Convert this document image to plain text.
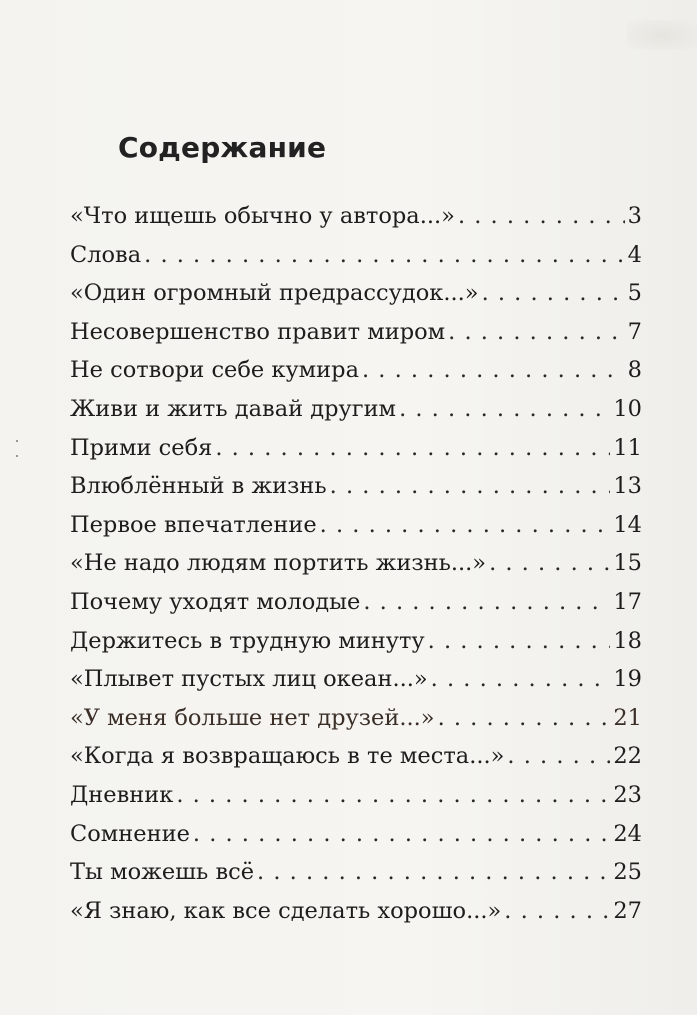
Содержание
«Что ищешь обычно у автора...» . . .	3
Слова . . .	4
«Один огромный предрассудок...» . . .	5
Несовершенство правит миром . . .	7
Не сотвори себе кумира . . .	8
Живи и жить давай другим . . .	10
Прими себя . . .	11
Влюблённый в жизнь . . .	13
Первое впечатление . . .	14
«Не надо людям портить жизнь...» . . .	15
Почему уходят молодые . . .	17
Держитесь в трудную минуту . . .	18
«Плывет пустых лиц океан...» . . .	19
«У меня больше нет друзей...» . . .	21
«Когда я возвращаюсь в те места...» . . .	22
Дневник . . .	23
Сомнение . . .	24
Ты можешь всё . . .	25
«Я знаю, как все сделать хорошо...» . . .	27
